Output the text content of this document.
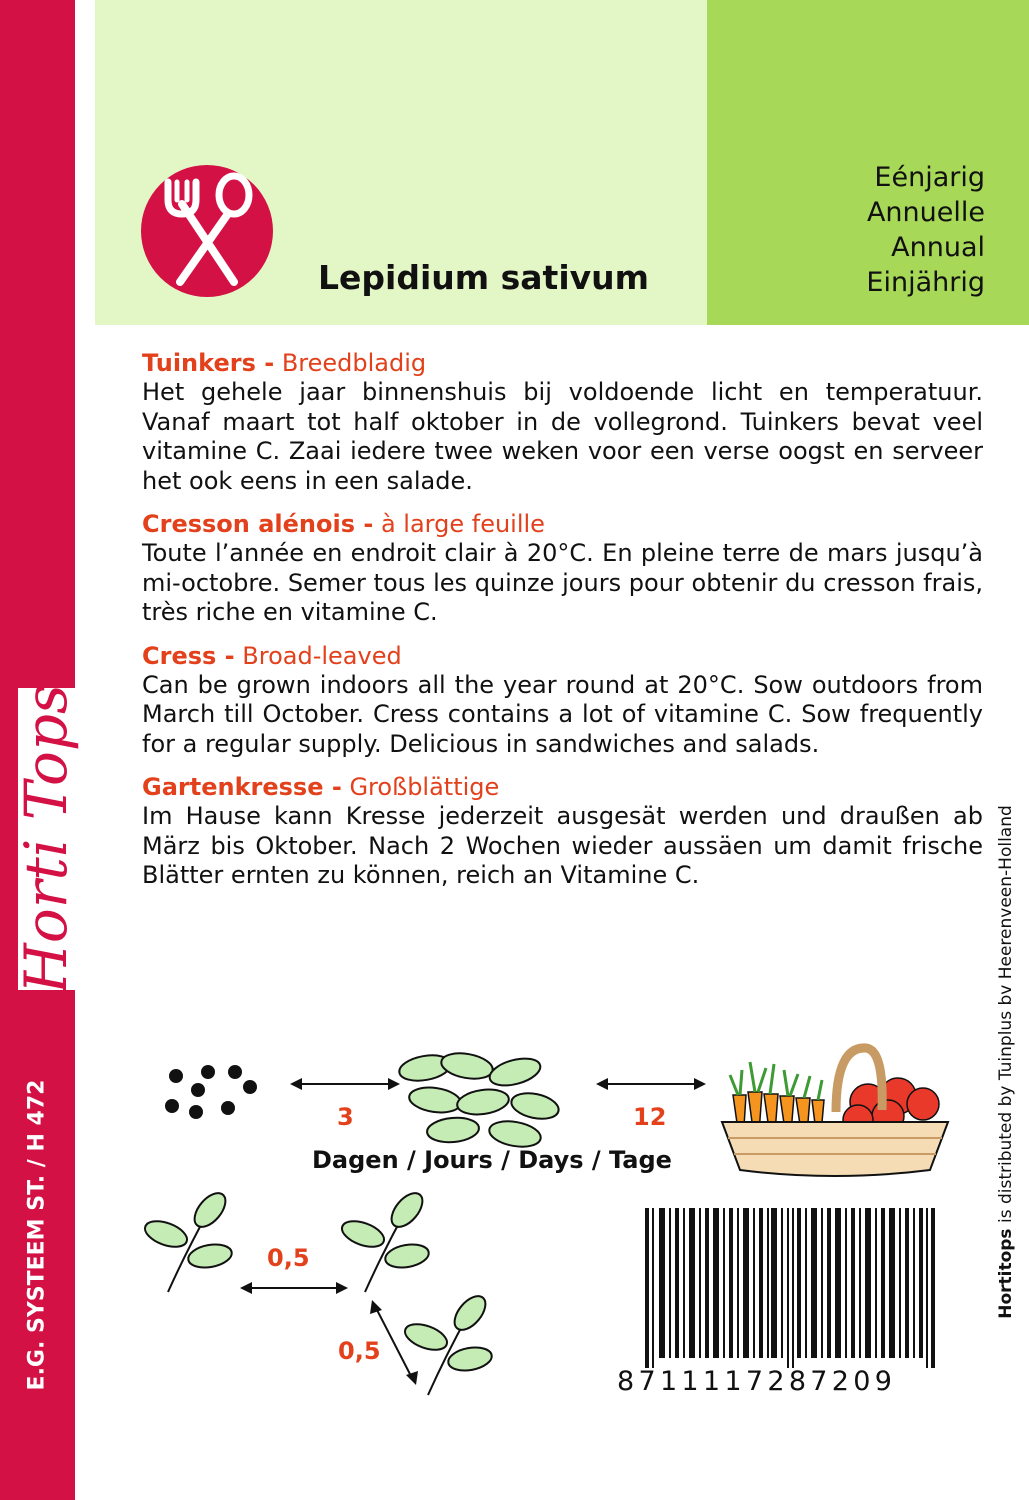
Horti Tops
E.G. SYSTEEM ST. / H 472
Lepidium sativum
Eénjarig
Annuelle
Annual
Einjährig
Tuinkers - Breedbladig
Het gehele jaar binnenshuis bij voldoende licht en temperatuur. Vanaf maart tot half oktober in de vollegrond. Tuinkers bevat veel vitamine C. Zaai iedere twee weken voor een verse oogst en serveer het ook eens in een salade.
Cresson alénois - à large feuille
Toute l’année en endroit clair à 20°C. En pleine terre de mars jusqu’à mi-octobre. Semer tous les quinze jours pour obtenir du cresson frais, très riche en vitamine C.
Cress - Broad-leaved
Can be grown indoors all the year round at 20°C. Sow outdoors from March till October. Cress contains a lot of vitamine C. Sow frequently for a regular supply. Delicious in sandwiches and salads.
Gartenkresse - Großblättige
Im Hause kann Kresse jederzeit ausgesät werden und draußen ab März bis Oktober. Nach 2 Wochen wieder aussäen um damit frische Blätter ernten zu können, reich an Vitamine C.
Hortitops is distributed by Tuinplus bv Heerenveen-Holland
3	12
Dagen / Jours / Days / Tage
0,5
0,5
8711117287209
